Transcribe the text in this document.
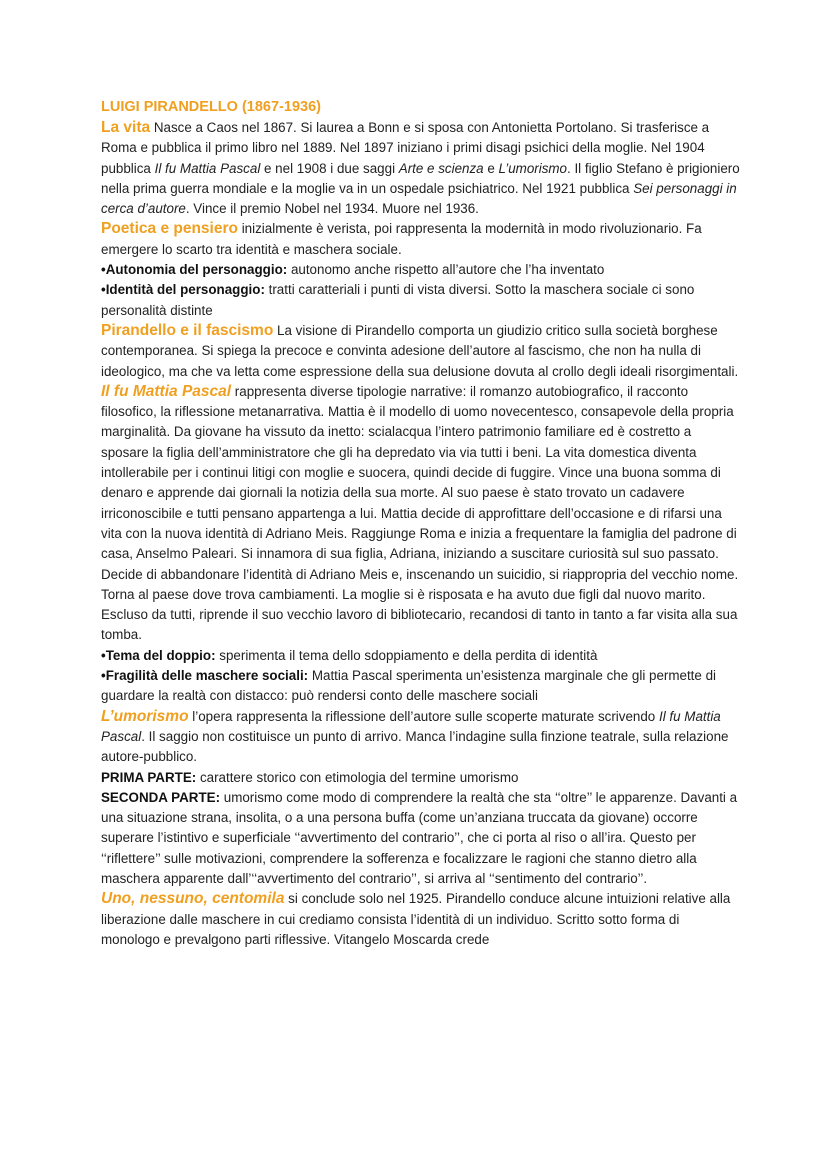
LUIGI PIRANDELLO (1867-1936)

La vita Nasce a Caos nel 1867. Si laurea a Bonn e si sposa con Antonietta Portolano. Si trasferisce a Roma e pubblica il primo libro nel 1889. Nel 1897 iniziano i primi disagi psichici della moglie. Nel 1904 pubblica Il fu Mattia Pascal e nel 1908 i due saggi Arte e scienza e L’umorismo. Il figlio Stefano è prigioniero nella prima guerra mondiale e la moglie va in un ospedale psichiatrico. Nel 1921 pubblica Sei personaggi in cerca d’autore. Vince il premio Nobel nel 1934. Muore nel 1936.

Poetica e pensiero inizialmente è verista, poi rappresenta la modernità in modo rivoluzionario. Fa emergere lo scarto tra identità e maschera sociale.

•Autonomia del personaggio: autonomo anche rispetto all’autore che l’ha inventato

•Identità del personaggio: tratti caratteriali i punti di vista diversi. Sotto la maschera sociale ci sono personalità distinte

Pirandello e il fascismo La visione di Pirandello comporta un giudizio critico sulla società borghese contemporanea. Si spiega la precoce e convinta adesione dell’autore al fascismo, che non ha nulla di ideologico, ma che va letta come espressione della sua delusione dovuta al crollo degli ideali risorgimentali.

Il fu Mattia Pascal rappresenta diverse tipologie narrative: il romanzo autobiografico, il racconto filosofico, la riflessione metanarrativa. Mattia è il modello di uomo novecentesco, consapevole della propria marginalità. Da giovane ha vissuto da inetto: scialacqua l’intero patrimonio familiare ed è costretto a sposare la figlia dell’amministratore che gli ha depredato via via tutti i beni. La vita domestica diventa intollerabile per i continui litigi con moglie e suocera, quindi decide di fuggire. Vince una buona somma di denaro e apprende dai giornali la notizia della sua morte. Al suo paese è stato trovato un cadavere irriconoscibile e tutti pensano appartenga a lui. Mattia decide di approfittare dell’occasione e di rifarsi una vita con la nuova identità di Adriano Meis. Raggiunge Roma e inizia a frequentare la famiglia del padrone di casa, Anselmo Paleari. Si innamora di sua figlia, Adriana, iniziando a suscitare curiosità sul suo passato. Decide di abbandonare l’identità di Adriano Meis e, inscenando un suicidio, si riappropria del vecchio nome. Torna al paese dove trova cambiamenti. La moglie si è risposata e ha avuto due figli dal nuovo marito. Escluso da tutti, riprende il suo vecchio lavoro di bibliotecario, recandosi di tanto in tanto a far visita alla sua tomba.

•Tema del doppio: sperimenta il tema dello sdoppiamento e della perdita di identità

•Fragilità delle maschere sociali: Mattia Pascal sperimenta un’esistenza marginale che gli permette di guardare la realtà con distacco: può rendersi conto delle maschere sociali

L’umorismo l’opera rappresenta la riflessione dell’autore sulle scoperte maturate scrivendo Il fu Mattia Pascal. Il saggio non costituisce un punto di arrivo. Manca l’indagine sulla finzione teatrale, sulla relazione autore-pubblico.

PRIMA PARTE: carattere storico con etimologia del termine umorismo

SECONDA PARTE: umorismo come modo di comprendere la realtà che sta ‘‘oltre’’ le apparenze. Davanti a una situazione strana, insolita, o a una persona buffa (come un’anziana truccata da giovane) occorre superare l’istintivo e superficiale ‘‘avvertimento del contrario’’, che ci porta al riso o all’ira. Questo per ‘‘riflettere’’ sulle motivazioni, comprendere la sofferenza e focalizzare le ragioni che stanno dietro alla maschera apparente dall’‘‘avvertimento del contrario’’, si arriva al ‘‘sentimento del contrario’’.

Uno, nessuno, centomila si conclude solo nel 1925. Pirandello conduce alcune intuizioni relative alla liberazione dalle maschere in cui crediamo consista l’identità di un individuo. Scritto sotto forma di monologo e prevalgono parti riflessive. Vitangelo Moscarda crede
